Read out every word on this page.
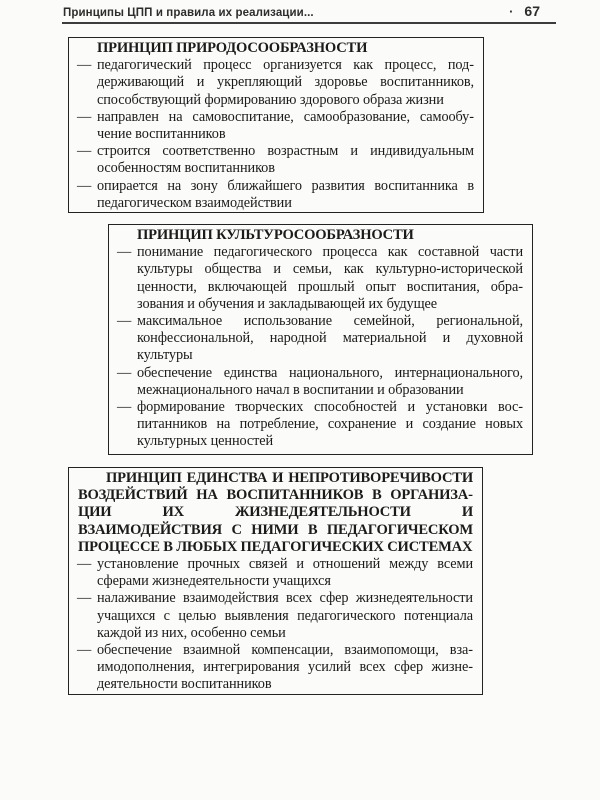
Принципы ЦПП и правила их реализации...	· 67
ПРИНЦИП ПРИРОДОСООБРАЗНОСТИ
— педагогический процесс организуется как процесс, поддерживающий и укрепляющий здоровье воспитанников, способствующий формированию здорового образа жизни

— направлен на самовоспитание, самообразование, самообучение воспитанников

— строится соответственно возрастным и индивидуальным особенностям воспитанников

— опирается на зону ближайшего развития воспитанника в педагогическом взаимодействии

ПРИНЦИП КУЛЬТУРОСООБРАЗНОСТИ
— понимание педагогического процесса как составной части культуры общества и семьи, как культурно-исторической ценности, включающей прошлый опыт воспитания, образования и обучения и закладывающей их будущее

— максимальное использование семейной, региональной, конфессиональной, народной материальной и духовной культуры

— обеспечение единства национального, интернационального, межнационального начал в воспитании и образовании

— формирование творческих способностей и установки воспитанников на потребление, сохранение и создание новых культурных ценностей

ПРИНЦИП ЕДИНСТВА И НЕПРОТИВОРЕЧИВОСТИ ВОЗДЕЙСТВИЙ НА ВОСПИТАННИКОВ В ОРГАНИЗАЦИИ ИХ ЖИЗНЕДЕЯТЕЛЬНОСТИ И ВЗАИМОДЕЙСТВИЯ С НИМИ В ПЕДАГОГИЧЕСКОМ ПРОЦЕССЕ В ЛЮБЫХ ПЕДАГОГИЧЕСКИХ СИСТЕМАХ
— установление прочных связей и отношений между всеми сферами жизнедеятельности учащихся

— налаживание взаимодействия всех сфер жизнедеятельности учащихся с целью выявления педагогического потенциала каждой из них, особенно семьи

— обеспечение взаимной компенсации, взаимопомощи, взаимодополнения, интегрирования усилий всех сфер жизнедеятельности воспитанников
